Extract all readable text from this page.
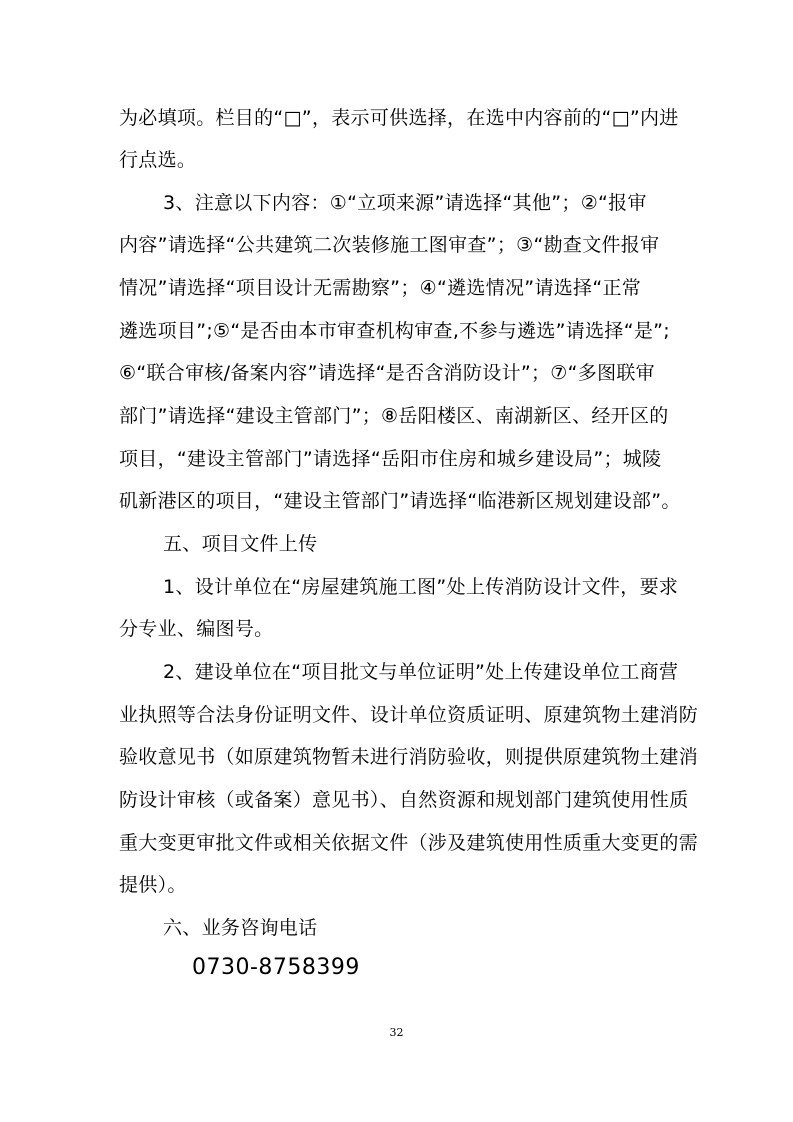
为必填项。栏目的“□”，表示可供选择，在选中内容前的“□”内进
行点选。
3、注意以下内容：①“立项来源”请选择“其他”；②“报审
内容”请选择“公共建筑二次装修施工图审查”；③“勘查文件报审
情况”请选择“项目设计无需勘察”；④“遴选情况”请选择“正常
遴选项目”;⑤“是否由本市审查机构审查,不参与遴选”请选择“是”;
⑥“联合审核/备案内容”请选择“是否含消防设计”；⑦“多图联审
部门”请选择“建设主管部门”；⑧岳阳楼区、南湖新区、经开区的
项目，“建设主管部门”请选择“岳阳市住房和城乡建设局”；城陵
矶新港区的项目，“建设主管部门”请选择“临港新区规划建设部”。
五、项目文件上传
1、设计单位在“房屋建筑施工图”处上传消防设计文件，要求
分专业、编图号。
2、建设单位在“项目批文与单位证明”处上传建设单位工商营
业执照等合法身份证明文件、设计单位资质证明、原建筑物土建消防
验收意见书（如原建筑物暂未进行消防验收，则提供原建筑物土建消
防设计审核（或备案）意见书）、自然资源和规划部门建筑使用性质
重大变更审批文件或相关依据文件（涉及建筑使用性质重大变更的需
提供）。
六、业务咨询电话
0730-8758399
32
